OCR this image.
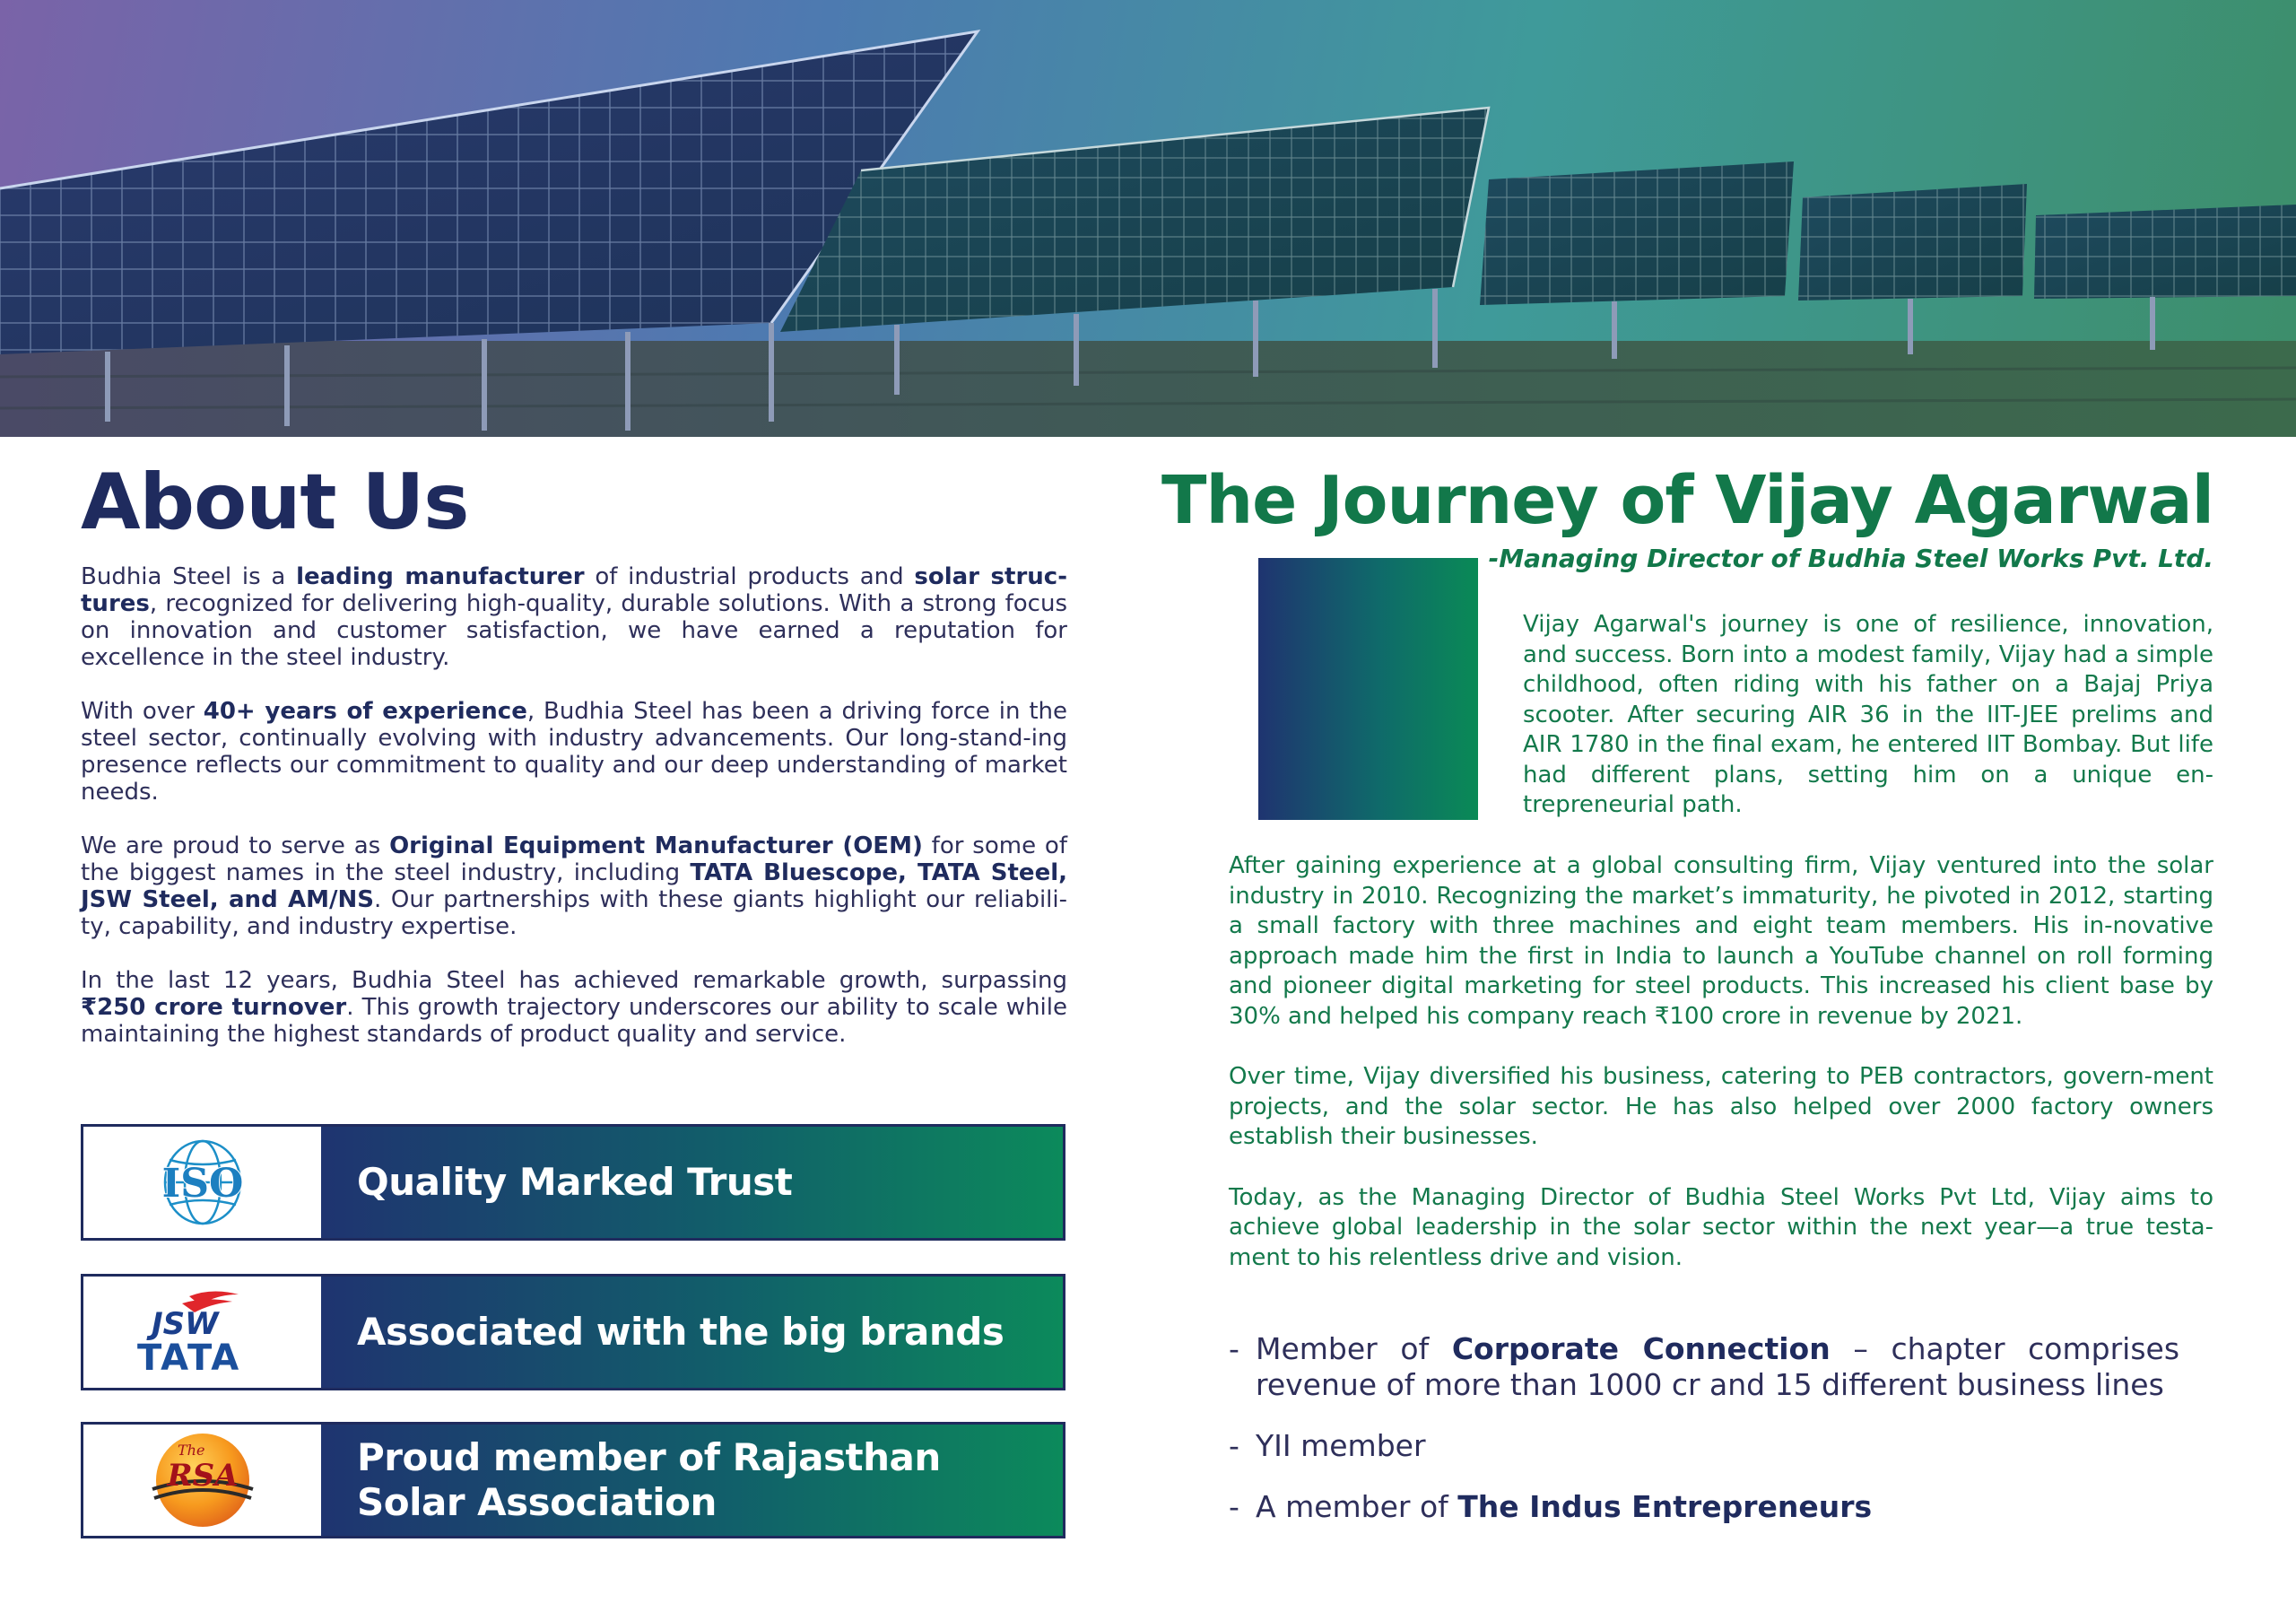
About Us

Budhia Steel is a leading manufacturer of industrial products and solar struc-tures, recognized for delivering high-quality, durable solutions. With a strong focus on innovation and customer satisfaction, we have earned a reputation for excellence in the steel industry.

With over 40+ years of experience, Budhia Steel has been a driving force in the steel sector, continually evolving with industry advancements. Our long-stand-ing presence reflects our commitment to quality and our deep understanding of market needs.

We are proud to serve as Original Equipment Manufacturer (OEM) for some of the biggest names in the steel industry, including TATA Bluescope, TATA Steel, JSW Steel, and AM/NS. Our partnerships with these giants highlight our reliabili-ty, capability, and industry expertise.

In the last 12 years, Budhia Steel has achieved remarkable growth, surpassing ₹250 crore turnover. This growth trajectory underscores our ability to scale while maintaining the highest standards of product quality and service.

ISO	Quality Marked Trust
JSW
TATA
Associated with the big brands
The
RSA	Proud member of Rajasthan Solar Association
The Journey of Vijay Agarwal
-Managing Director of Budhia Steel Works Pvt. Ltd.

Vijay Agarwal's journey is one of resilience, innovation, and success. Born into a modest family, Vijay had a simple childhood, often riding with his father on a Bajaj Priya scooter. After securing AIR 36 in the IIT-JEE prelims and AIR 1780 in the final exam, he entered IIT Bombay. But life had different plans, setting him on a unique en-trepreneurial path.

After gaining experience at a global consulting firm, Vijay ventured into the solar industry in 2010. Recognizing the market’s immaturity, he pivoted in 2012, starting a small factory with three machines and eight team members. His in-novative approach made him the first in India to launch a YouTube channel on roll forming and pioneer digital marketing for steel products. This increased his client base by 30% and helped his company reach ₹100 crore in revenue by 2021.

Over time, Vijay diversified his business, catering to PEB contractors, govern-ment projects, and the solar sector. He has also helped over 2000 factory owners establish their businesses.

Today, as the Managing Director of Budhia Steel Works Pvt Ltd, Vijay aims to achieve global leadership in the solar sector within the next year—a true testa-ment to his relentless drive and vision.

- Member of Corporate Connection – chapter comprises revenue of more than 1000 cr and 15 different business lines
- YII member
- A member of The Indus Entrepreneurs
